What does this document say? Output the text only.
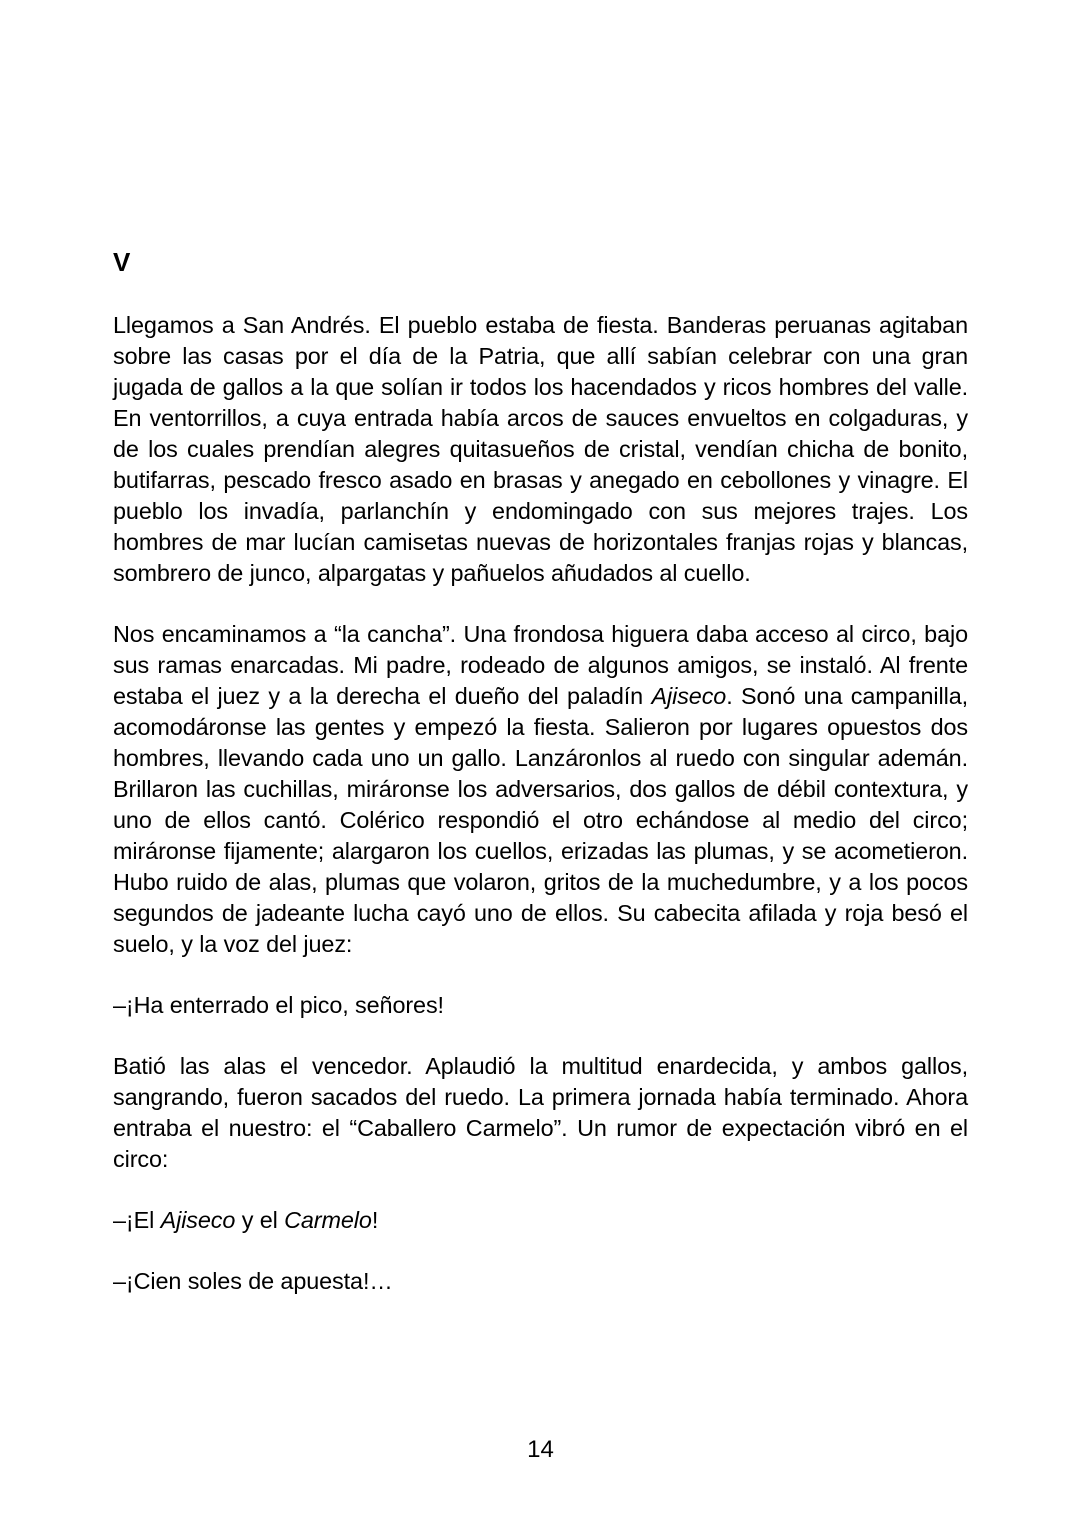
V

Llegamos a San Andrés. El pueblo estaba de fiesta. Banderas peruanas agitaban sobre las casas por el día de la Patria, que allí sabían celebrar con una gran jugada de gallos a la que solían ir todos los hacendados y ricos hombres del valle. En ventorrillos, a cuya entrada había arcos de sauces envueltos en colgaduras, y de los cuales prendían alegres quitasueños de cristal, vendían chicha de bonito, butifarras, pescado fresco asado en brasas y anegado en cebollones y vinagre. El pueblo los invadía, parlanchín y endomingado con sus mejores trajes. Los hombres de mar lucían camisetas nuevas de horizontales franjas rojas y blancas, sombrero de junco, alpargatas y pañuelos añudados al cuello.

Nos encaminamos a “la cancha”. Una frondosa higuera daba acceso al circo, bajo sus ramas enarcadas. Mi padre, rodeado de algunos amigos, se instaló. Al frente estaba el juez y a la derecha el dueño del paladín Ajiseco. Sonó una campanilla, acomodáronse las gentes y empezó la fiesta. Salieron por lugares opuestos dos hombres, llevando cada uno un gallo. Lanzáronlos al ruedo con singular ademán. Brillaron las cuchillas, miráronse los adversarios, dos gallos de débil contextura, y uno de ellos cantó. Colérico respondió el otro echándose al medio del circo; miráronse fijamente; alargaron los cuellos, erizadas las plumas, y se acometieron. Hubo ruido de alas, plumas que volaron, gritos de la muchedumbre, y a los pocos segundos de jadeante lucha cayó uno de ellos. Su cabecita afilada y roja besó el suelo, y la voz del juez:

–¡Ha enterrado el pico, señores!

Batió las alas el vencedor. Aplaudió la multitud enardecida, y ambos gallos, sangrando, fueron sacados del ruedo. La primera jornada había terminado. Ahora entraba el nuestro: el “Caballero Carmelo”. Un rumor de expectación vibró en el circo:

–¡El Ajiseco y el Carmelo!

–¡Cien soles de apuesta!…

14
